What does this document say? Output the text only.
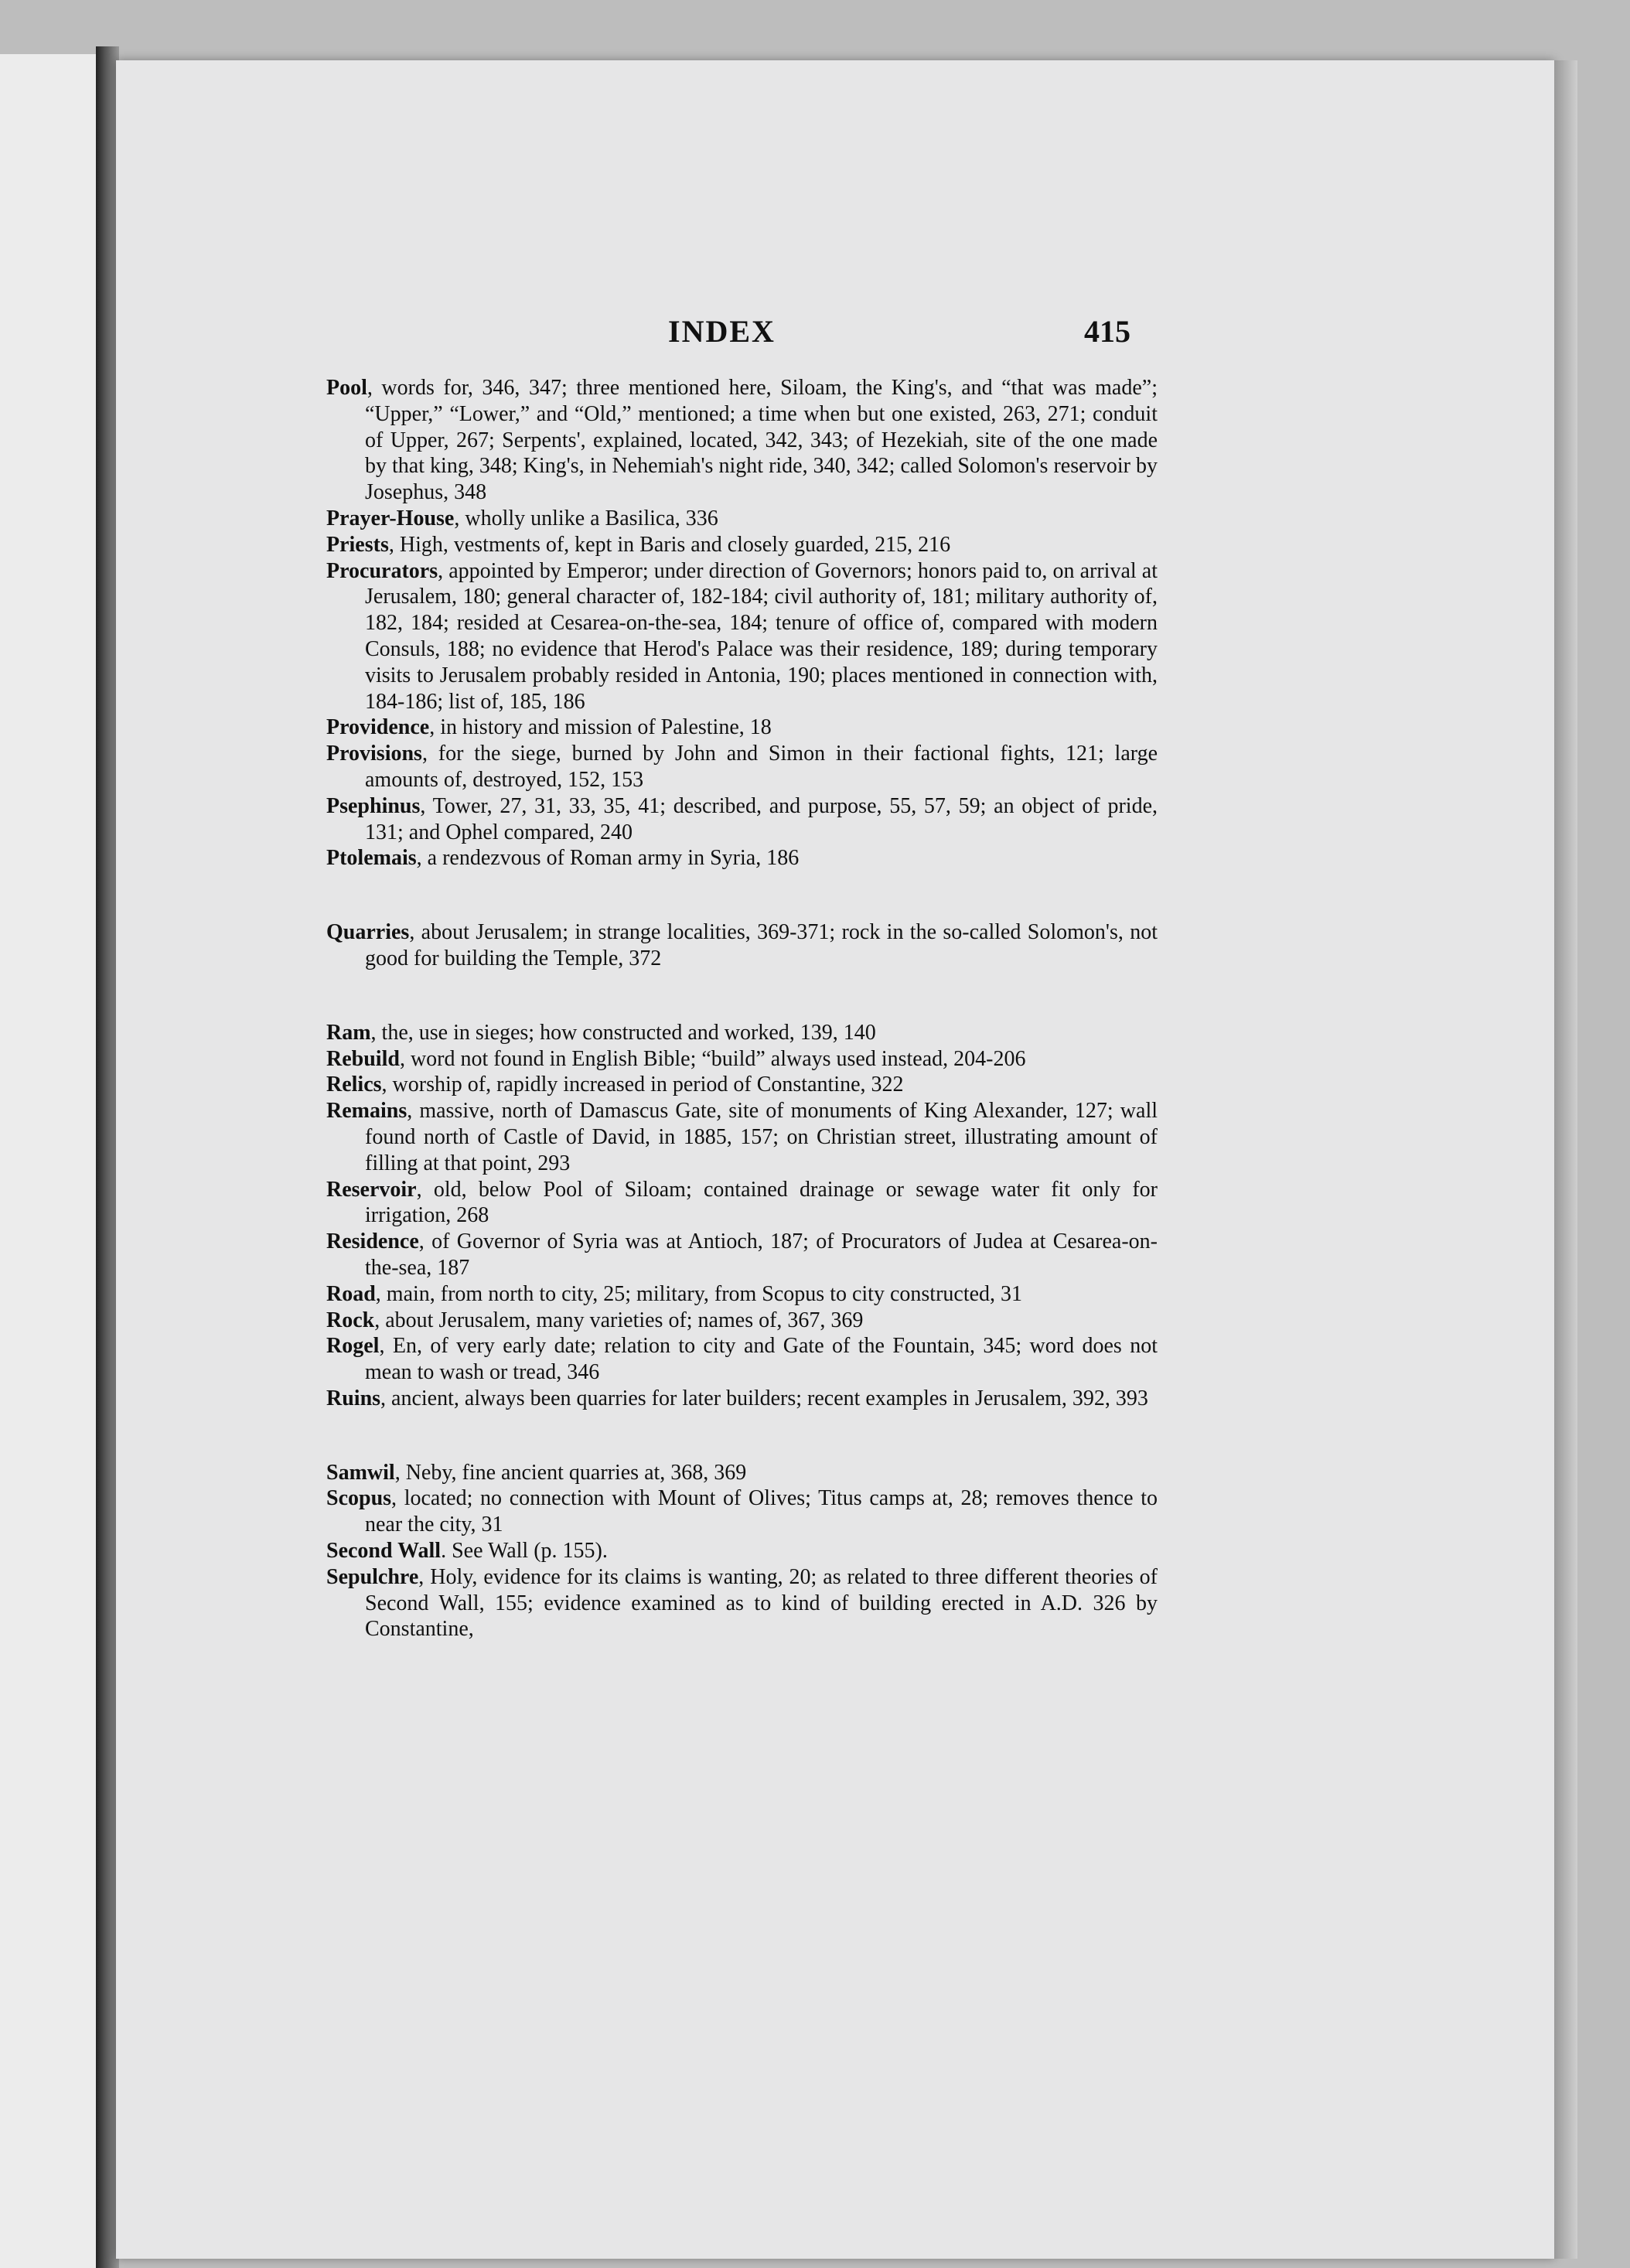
INDEX	415

Pool, words for, 346, 347; three mentioned here, Siloam, the King's, and “that was made”; “Upper,” “Lower,” and “Old,” mentioned; a time when but one existed, 263, 271; conduit of Upper, 267; Serpents', explained, located, 342, 343; of Hezekiah, site of the one made by that king, 348; King's, in Nehemiah's night ride, 340, 342; called Solomon's reservoir by Josephus, 348

Prayer-House, wholly unlike a Basilica, 336

Priests, High, vestments of, kept in Baris and closely guarded, 215, 216

Procurators, appointed by Emperor; under direction of Governors; honors paid to, on arrival at Jerusalem, 180; general character of, 182-184; civil authority of, 181; military authority of, 182, 184; resided at Cesarea-on-the-sea, 184; tenure of office of, compared with modern Consuls, 188; no evidence that Herod's Palace was their residence, 189; during temporary visits to Jerusalem probably resided in Antonia, 190; places mentioned in connection with, 184-186; list of, 185, 186

Providence, in history and mission of Palestine, 18

Provisions, for the siege, burned by John and Simon in their factional fights, 121; large amounts of, destroyed, 152, 153

Psephinus, Tower, 27, 31, 33, 35, 41; described, and purpose, 55, 57, 59; an object of pride, 131; and Ophel compared, 240

Ptolemais, a rendezvous of Roman army in Syria, 186

Quarries, about Jerusalem; in strange localities, 369-371; rock in the so-called Solomon's, not good for building the Temple, 372

Ram, the, use in sieges; how constructed and worked, 139, 140

Rebuild, word not found in English Bible; “build” always used instead, 204-206

Relics, worship of, rapidly increased in period of Constantine, 322

Remains, massive, north of Damascus Gate, site of monuments of King Alexander, 127; wall found north of Castle of David, in 1885, 157; on Christian street, illustrating amount of filling at that point, 293

Reservoir, old, below Pool of Siloam; contained drainage or sewage water fit only for irrigation, 268

Residence, of Governor of Syria was at Antioch, 187; of Procurators of Judea at Cesarea-on-the-sea, 187

Road, main, from north to city, 25; military, from Scopus to city constructed, 31

Rock, about Jerusalem, many varieties of; names of, 367, 369

Rogel, En, of very early date; relation to city and Gate of the Fountain, 345; word does not mean to wash or tread, 346

Ruins, ancient, always been quarries for later builders; recent examples in Jerusalem, 392, 393

Samwil, Neby, fine ancient quarries at, 368, 369

Scopus, located; no connection with Mount of Olives; Titus camps at, 28; removes thence to near the city, 31

Second Wall. See Wall (p. 155).

Sepulchre, Holy, evidence for its claims is wanting, 20; as related to three different theories of Second Wall, 155; evidence examined as to kind of building erected in A.D. 326 by Constantine,
